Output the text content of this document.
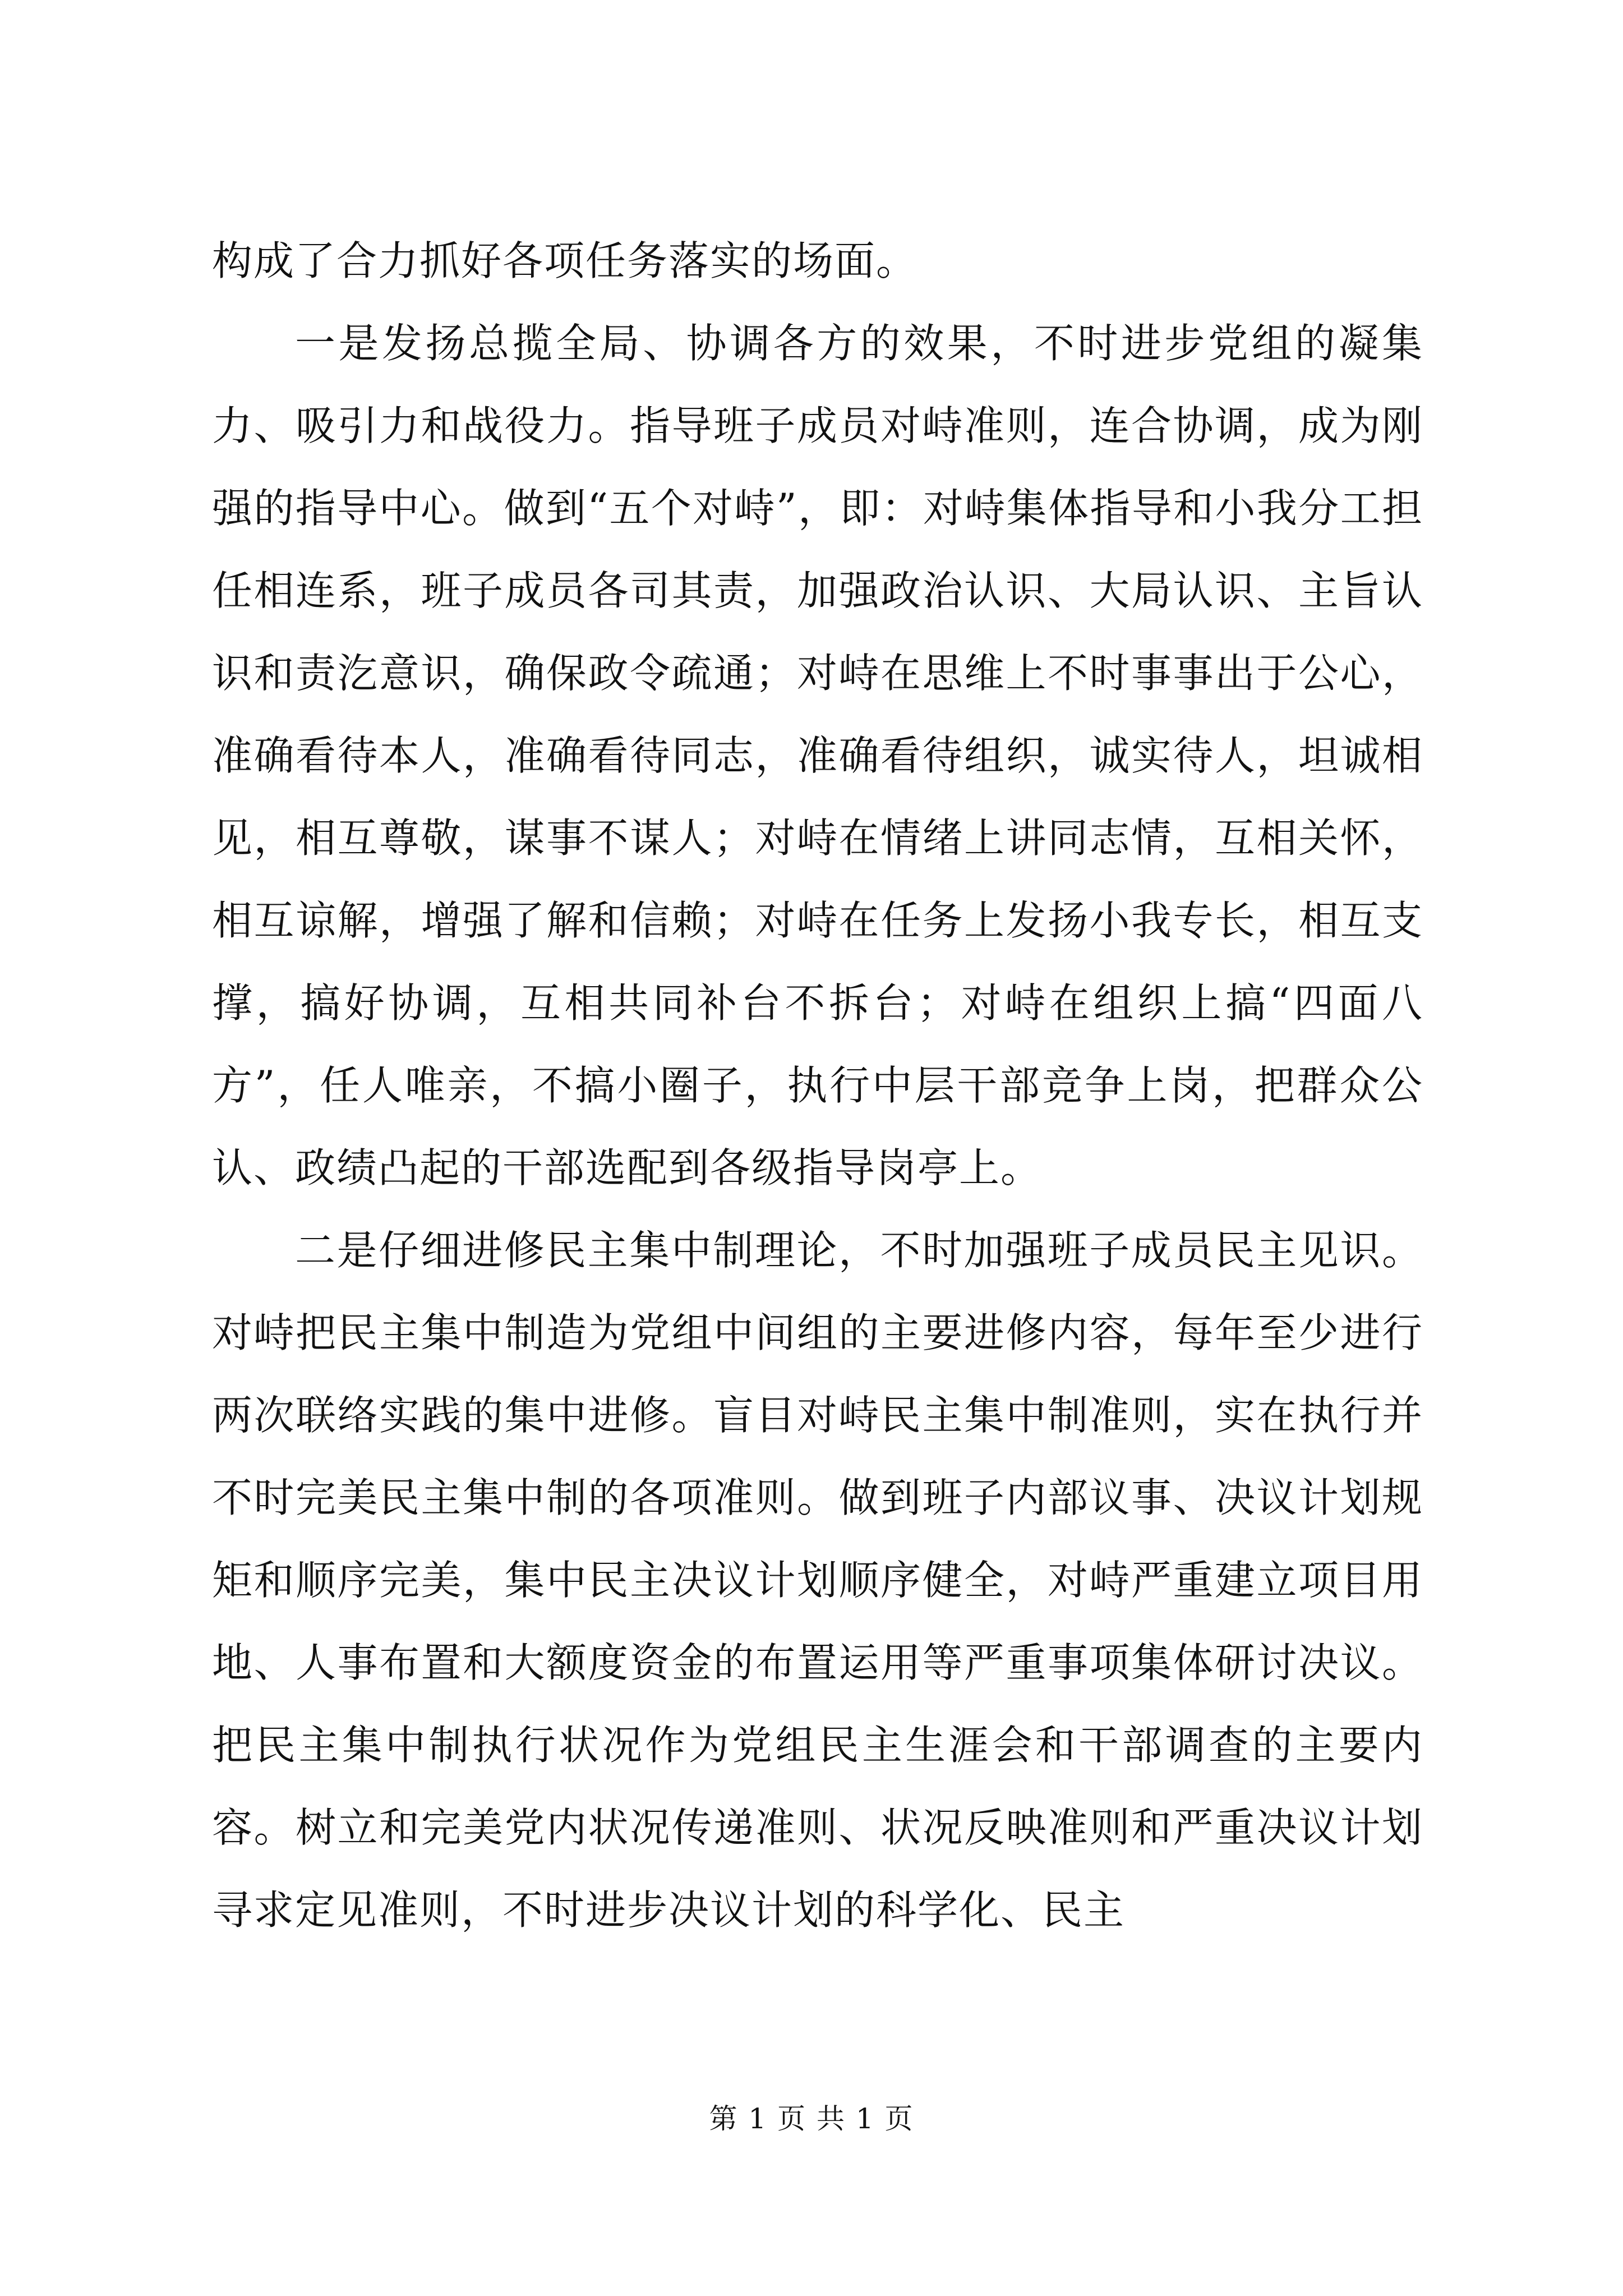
构成了合力抓好各项任务落实的场面。

一是发扬总揽全局、协调各方的效果，不时进步党组的凝集力、吸引力和战役力。指导班子成员对峙准则，连合协调，成为刚强的指导中心。做到“五个对峙”，即：对峙集体指导和小我分工担任相连系，班子成员各司其责，加强政治认识、大局认识、主旨认识和责汔意识，确保政令疏通；对峙在思维上不时事事出于公心，准确看待本人，准确看待同志，准确看待组织，诚实待人，坦诚相见，相互尊敬，谋事不谋人；对峙在情绪上讲同志情，互相关怀，相互谅解，增强了解和信赖；对峙在任务上发扬小我专长，相互支撑，搞好协调，互相共同补台不拆台；对峙在组织上搞“四面八方”，任人唯亲，不搞小圈子，执行中层干部竞争上岗，把群众公认、政绩凸起的干部选配到各级指导岗亭上。

二是仔细进修民主集中制理论，不时加强班子成员民主见识。对峙把民主集中制造为党组中间组的主要进修内容，每年至少进行两次联络实践的集中进修。盲目对峙民主集中制准则，实在执行并不时完美民主集中制的各项准则。做到班子内部议事、决议计划规矩和顺序完美，集中民主决议计划顺序健全，对峙严重建立项目用地、人事布置和大额度资金的布置运用等严重事项集体研讨决议。把民主集中制执行状况作为党组民主生涯会和干部调查的主要内容。树立和完美党内状况传递准则、状况反映准则和严重决议计划寻求定见准则，不时进步决议计划的科学化、民主

第 1 页 共 1 页
